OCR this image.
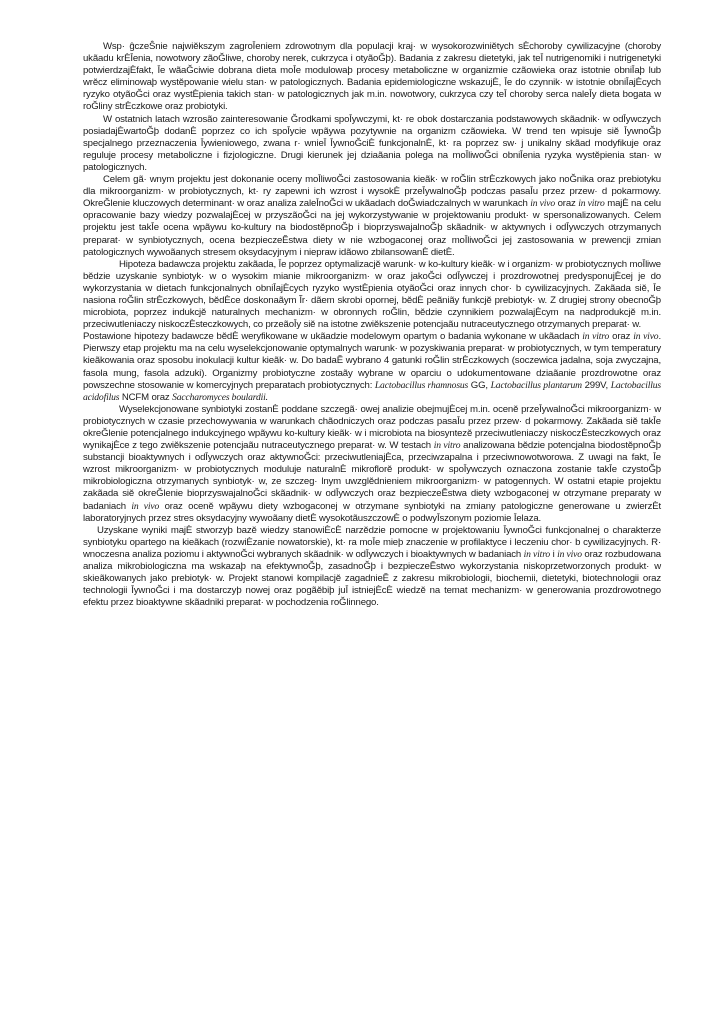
Wsp· ĝczeŜnie najwiĕkszym zagroĪeniem zdrowotnym dla populacji kraj· w wysokorozwiniĕtych sÈchoroby cywilizacyjne (choroby ukãadu krÈĪenia, nowotwory zãoĞliwe, choroby nerek, cukrzyca i otyãoĞþ). Badania z zakresu dietetyki, jak teĪ nutrigenomiki i nutrigenetyki potwierdzajÈfakt, Īe wãaĞciwie dobrana dieta moĪe modulowaþ procesy metaboliczne w organizmie czãowieka oraz istotnie obniĪaþ lub wrĕcz eliminowaþ wystĕpowanie wielu stan· w patologicznych. Badania epidemiologiczne wskazujÈ, Īe do czynnik· w istotnie obniĪajÈcych ryzyko otyãoĞci oraz wystÈpienia takich stan· w patologicznych jak m.in. nowotwory, cukrzyca czy teĪ choroby serca naleĪy dieta bogata w roĞliny strÈczkowe oraz probiotyki.

W ostatnich latach wzrosão zainteresowanie Ğrodkami spoĪywczymi, kt· re obok dostarczania podstawowych skãadnik· w odĪywczych posiadajÈwartoĞþ dodanÈ poprzez co ich spoĪycie wpãywa pozytywnie na organizm czãowieka. W trend ten wpisuje siĕ ĪywnoĞþ specjalnego przeznaczenia Īywieniowego, zwana r· wnieĪ ĪywnoĞciÈ funkcjonalnÈ, kt· ra poprzez sw· j unikalny skãad modyfikuje oraz reguluje procesy metaboliczne i fizjologiczne. Drugi kierunek jej dziaãania polega na moĪliwoĞci obniĪenia ryzyka wystĕpienia stan· w patologicznych.

Celem gã· wnym projektu jest dokonanie oceny moĪliwoĞci zastosowania kieãk· w roĞlin strÈczkowych jako noĞnika oraz prebiotyku dla mikroorganizm· w probiotycznych, kt· ry zapewni ich wzrost i wysokÈ przeĪywalnoĞþ podczas pasaĪu przez przew· d pokarmowy. OkreĞlenie kluczowych determinant· w oraz analiza zaleĪnoĞci w ukãadach doĞwiadczalnych w warunkach in vivo oraz in vitro majÈ na celu opracowanie bazy wiedzy pozwalajÈcej w przyszãoĞci na jej wykorzystywanie w projektowaniu produkt· w spersonalizowanych. Celem projektu jest takĪe ocena wpãywu ko-kultury na biodostĕpnoĞþ i bioprzyswajalnoĞþ skãadnik· w aktywnych i odĪywczych otrzymanych preparat· w synbiotycznych, ocena bezpieczeĔstwa diety w nie wzbogaconej oraz moĪliwoĞci jej zastosowania w prewencji zmian patologicznych wywoãanych stresem oksydacyjnym i niepraw idãowo zbilansowanÈ dietÈ.

Hipoteza badawcza projektu zakãada, Īe poprzez optymalizacjĕ warunk· w ko-kultury kieãk· w i organizm· w probiotycznych moĪliwe bĕdzie uzyskanie synbiotyk· w o wysokim mianie mikroorganizm· w oraz jakoĞci odĪywczej i prozdrowotnej predysponujÈcej je do wykorzystania w dietach funkcjonalnych obniĪajÈcych ryzyko wystÈpienia otyãoĞci oraz innych chor· b cywilizacyjnych. Zakãada siĕ, Īe nasiona roĞlin strÈczkowych, bĕdÈce doskonaãym Ĩr· dãem skrobi opornej, bĕdÈ peãniãy funkcjĕ prebiotyk· w. Z drugiej strony obecnoĞþ microbiota, poprzez indukcjĕ naturalnych mechanizm· w obronnych roĞlin, bĕdzie czynnikiem pozwalajÈcym na nadprodukcjĕ m.in. przeciwutleniaczy niskoczÈsteczkowych, co przeãoĪy siĕ na istotne zwiĕkszenie potencjaãu nutraceutycznego otrzymanych preparat· w.

Postawione hipotezy badawcze bĕdÈ weryfikowane w ukãadzie modelowym opartym o badania wykonane w ukãadach in vitro oraz in vivo. Pierwszy etap projektu ma na celu wyselekcjonowanie optymalnych warunk· w pozyskiwania preparat· w probiotycznych, w tym temperatury kieãkowania oraz sposobu inokulacji kultur kieãk· w. Do badaĔ wybrano 4 gatunki roĞlin strÈczkowych (soczewica jadalna, soja zwyczajna, fasola mung, fasola adzuki). Organizmy probiotyczne zostaãy wybrane w oparciu o udokumentowane dziaãanie prozdrowotne oraz powszechne stosowanie w komercyjnych preparatach probiotycznych: Lactobacillus rhamnosus GG, Lactobacillus plantarum 299V, Lactobacillus acidofilus NCFM oraz Saccharomyces boulardii.

Wyselekcjonowane synbiotyki zostanÈ poddane szczegã· owej analizie obejmujÈcej m.in. ocenĕ przeĪywalnoĞci mikroorganizm· w probiotycznych w czasie przechowywania w warunkach chãodniczych oraz podczas pasaĪu przez przew· d pokarmowy. Zakãada siĕ takĪe okreĞlenie potencjalnego indukcyjnego wpãywu ko-kultury kieãk· w i microbiota na biosyntezĕ przeciwutleniaczy niskoczÈsteczkowych oraz wynikajÈce z tego zwiĕkszenie potencjaãu nutraceutycznego preparat· w. W testach in vitro analizowana bĕdzie potencjalna biodostĕpnoĞþ substancji bioaktywnych i odĪywczych oraz aktywnoĞci: przeciwutleniajÈca, przeciwzapalna i przeciwnowotworowa. Z uwagi na fakt, Īe wzrost mikroorganizm· w probiotycznych moduluje naturalnÈ mikroflorĕ produkt· w spoĪywczych oznaczona zostanie takĪe czystoĞþ mikrobiologiczna otrzymanych synbiotyk· w, ze szczeg· lnym uwzglĕdnieniem mikroorganizm· w patogennych. W ostatni etapie projektu zakãada siĕ okreĞlenie bioprzyswajalnoĞci skãadnik· w odĪywczych oraz bezpieczeĔstwa diety wzbogaconej w otrzymane preparaty w badaniach in vivo oraz ocenĕ wpãywu diety wzbogaconej w otrzymane synbiotyki na zmiany patologiczne generowane u zwierzÈt laboratoryjnych przez stres oksydacyjny wywoãany dietÈ wysokotãuszczowÈ o podwyĪszonym poziomie Īelaza.

Uzyskane wyniki majÈ stworzyþ bazĕ wiedzy stanowiÈcÈ narzĕdzie pomocne w projektowaniu ĪywnoĞci funkcjonalnej o charakterze synbiotyku opartego na kieãkach (rozwiÈzanie nowatorskie), kt· ra moĪe mieþ znaczenie w profilaktyce i leczeniu chor· b cywilizacyjnych. R· wnoczesna analiza poziomu i aktywnoĞci wybranych skãadnik· w odĪywczych i bioaktywnych w badaniach in vitro i in vivo oraz rozbudowana analiza mikrobiologiczna ma wskazaþ na efektywnoĞþ, zasadnoĞþ i bezpieczeĔstwo wykorzystania niskoprzetworzonych produkt· w skieãkowanych jako prebiotyk· w. Projekt stanowi kompilacjĕ zagadnieĔ z zakresu mikrobiologii, biochemii, dietetyki, biotechnologii oraz technologii ĪywnoĞci i ma dostarczyþ nowej oraz pogãĕbiþ juĪ istniejÈcÈ wiedzĕ na temat mechanizm· w generowania prozdrowotnego efektu przez bioaktywne skãadniki preparat· w pochodzenia roĞlinnego.
